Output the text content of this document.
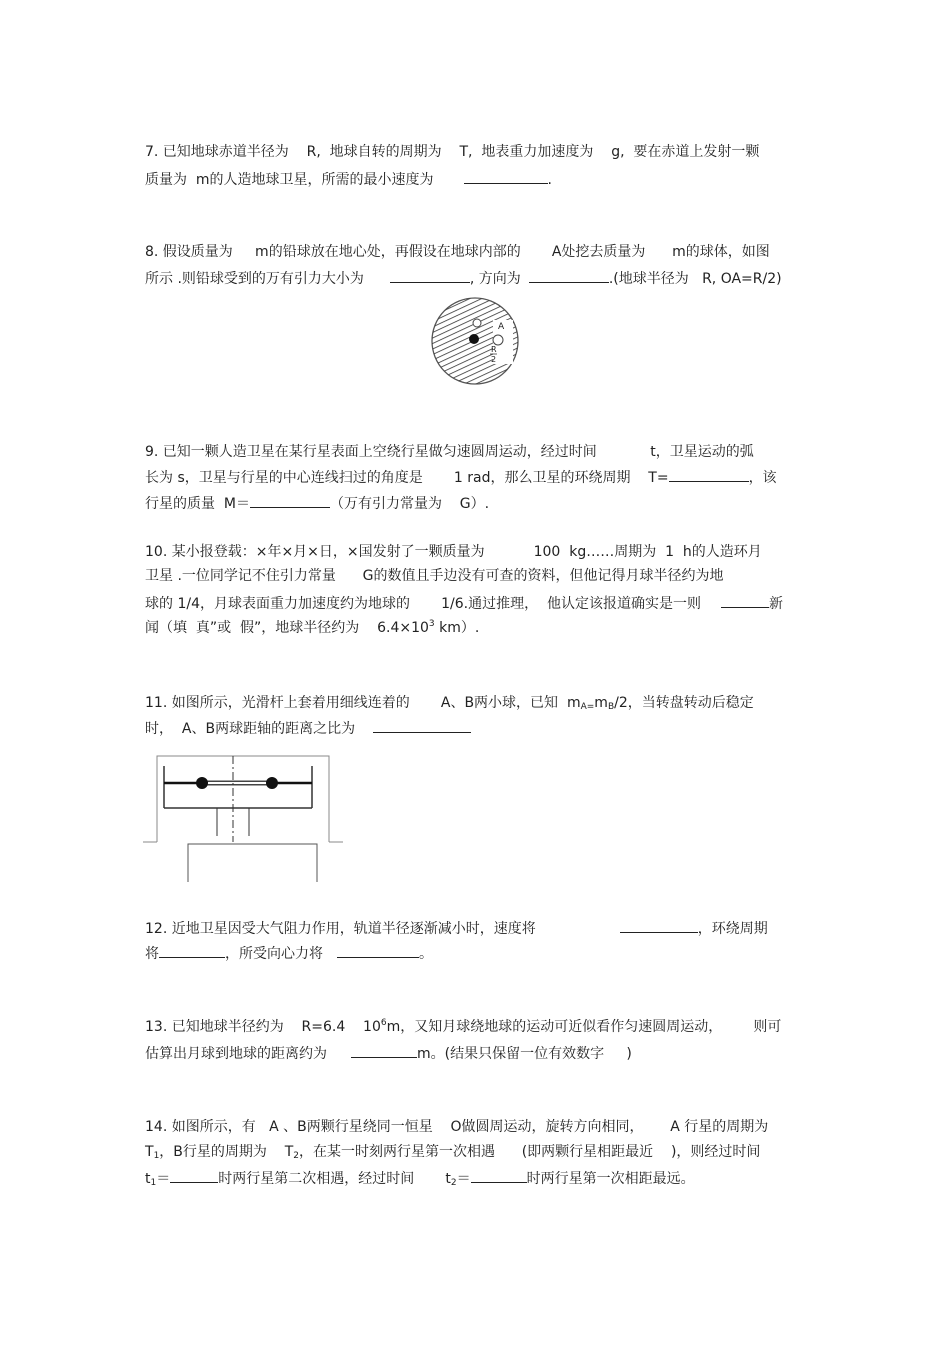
7. 已知地球赤道半径为    R,  地球自转的周期为    T,  地表重力加速度为    g,  要在赤道上发射一颗
质量为  m的人造地球卫星，所需的最小速度为	.
8. 假设质量为     m的铅球放在地心处，再假设在地球内部的       A处挖去质量为      m的球体，如图
所示 .则铅球受到的万有引力大小为	, 方向为	.(地球半径为   R, OA=R/2)
A
R
2
9. 已知一颗人造卫星在某行星表面上空绕行星做匀速圆周运动，经过时间            t，卫星运动的弧
长为 s，卫星与行星的中心连线扫过的角度是       1 rad，那么卫星的环绕周期    T=	，该
行星的质量  M＝	（万有引力常量为    G）.
10. 某小报登载：×年×月×日，×国发射了一颗质量为           100  kg……周期为  1  h的人造环月
卫星 .一位同学记不住引力常量      G的数值且手边没有可查的资料，但他记得月球半径约为地
球的 1/4，月球表面重力加速度约为地球的       1/6.通过推理，  他认定该报道确实是一则	新
闻（填  真”或  假”，地球半径约为    $6.4\times 10^3$ km）.
11. 如图所示，光滑杆上套着用细线连着的       A、B两小球，已知  $m_{A=}m_B/2$，当转盘转动后稳定
时，  A、B两球距轴的距离之比为
12. 近地卫星因受大气阻力作用，轨道半径逐渐减小时，速度将	，环绕周期
将	，所受向心力将	。
13. 已知地球半径约为    R=6.4    $10^6m$，又知月球绕地球的运动可近似看作匀速圆周运动，       则可
估算出月球到地球的距离约为	m。(结果只保留一位有效数字     )
14. 如图所示，有   A 、B两颗行星绕同一恒星    O做圆周运动，旋转方向相同，      A 行星的周期为
$T_1$，B行星的周期为    $T_2$，在某一时刻两行星第一次相遇      (即两颗行星相距最近    )，则经过时间
$t_1=$	时两行星第二次相遇，经过时间       $t_2=$	时两行星第一次相距最远。
